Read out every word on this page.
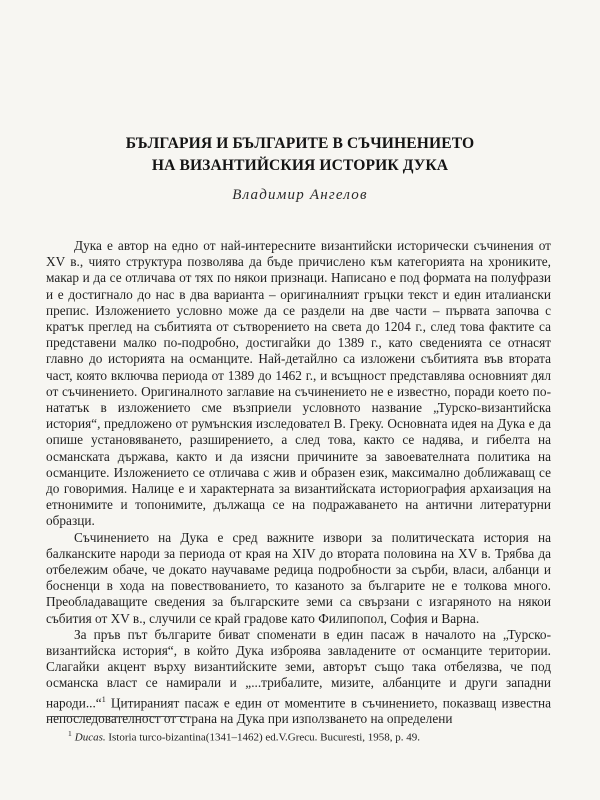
БЪЛГАРИЯ И БЪЛГАРИТЕ В СЪЧИНЕНИЕТО
НА ВИЗАНТИЙСКИЯ ИСТОРИК ДУКА
Владимир Ангелов

Дука е автор на едно от най-интересните византийски исторически съчинения от XV в., чиято структура позволява да бъде причислено към категорията на хрониките, макар и да се отличава от тях по някои признаци. Написано е под формата на полуфрази и е достигнало до нас в два варианта – оригиналният гръцки текст и един италиански препис. Изложението условно може да се раздели на две части – първата започва с кратък преглед на събитията от сътворението на света до 1204 г., след това фактите са представени малко по-подробно, достигайки до 1389 г., като сведенията се отнасят главно до историята на османците. Най-детайлно са изложени събитията във втората част, която включва периода от 1389 до 1462 г., и всъщност представлява основният дял от съчинението. Оригиналното заглавие на съчинението не е известно, поради което по-нататък в изложението сме възприели условното название „Турско-византийска история“, предложено от румънския изследовател В. Греку. Основната идея на Дука е да опише установяването, разширението, а след това, както се надява, и гибелта на османската държава, както и да изясни причините за завоевателната политика на османците. Изложението се отличава с жив и образен език, максимално доближаващ се до говоримия. Налице е и характерната за византийската историография архаизация на етнонимите и топонимите, дължаща се на подражаването на антични литературни образци.

Съчинението на Дука е сред важните извори за политическата история на балканските народи за периода от края на XIV до втората половина на XV в. Трябва да отбележим обаче, че докато научаваме редица подробности за сърби, власи, албанци и босненци в хода на повествованието, то казаното за българите не е толкова много. Преобладаващите сведения за българските земи са свързани с изгаряното на някои събития от XV в., случили се край градове като Филипопол, София и Варна.

За пръв път българите биват споменати в един пасаж в началото на „Турско-византийска история“, в който Дука изброява завладените от османците територии. Слагайки акцент върху византийските земи, авторът също така отбелязва, че под османска власт се намирали и „...трибалите, мизите, албанците и други западни народи...“$^1$ Цитираният пасаж е един от моментите в съчинението, показващ известна непоследователност от страна на Дука при използването на определени

$^1$ Ducas. Istoria turco-bizantina(1341–1462) ed.V.Grecu. Bucuresti, 1958, p. 49.
